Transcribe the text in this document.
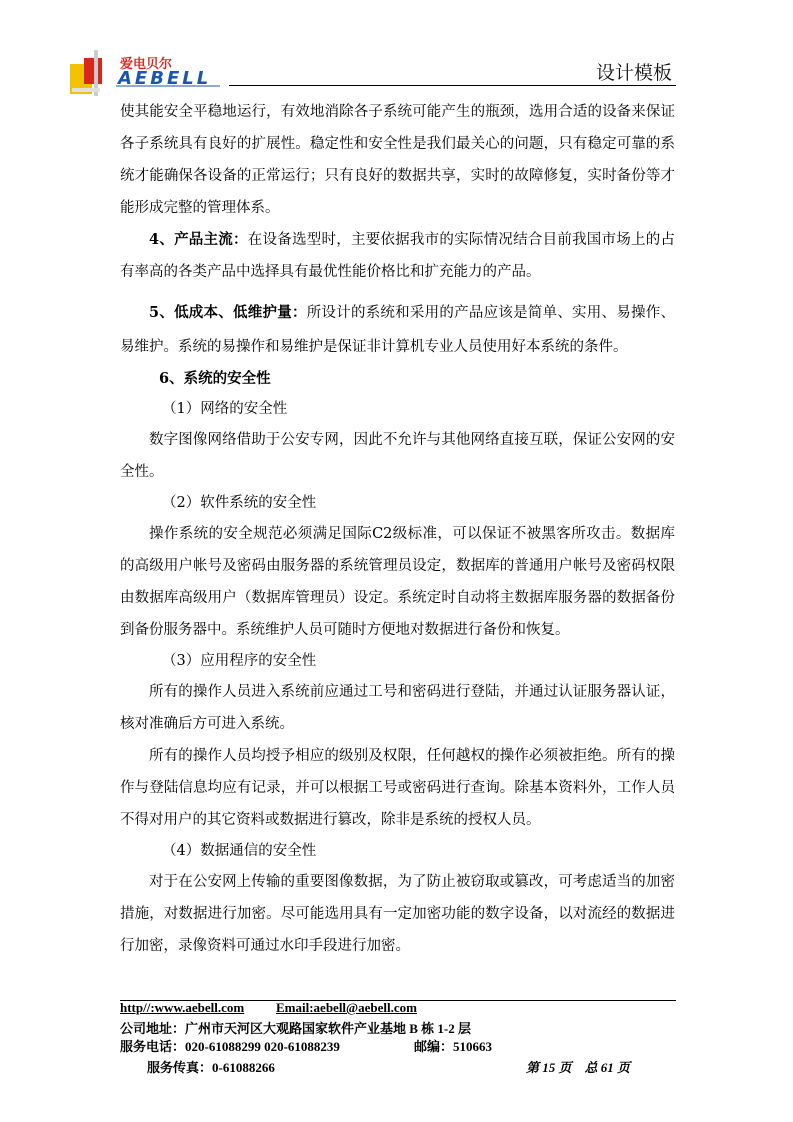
爱电贝尔
AEBELL	设计模板

使其能安全平稳地运行，有效地消除各子系统可能产生的瓶颈，选用合适的设备来保证各子系统具有良好的扩展性。稳定性和安全性是我们最关心的问题，只有稳定可靠的系统才能确保各设备的正常运行；只有良好的数据共享，实时的故障修复，实时备份等才能形成完整的管理体系。

4、产品主流：在设备选型时，主要依据我市的实际情况结合目前我国市场上的占有率高的各类产品中选择具有最优性能价格比和扩充能力的产品。

5、低成本、低维护量：所设计的系统和采用的产品应该是简单、实用、易操作、易维护。系统的易操作和易维护是保证非计算机专业人员使用好本系统的条件。

6、系统的安全性

（1）网络的安全性

数字图像网络借助于公安专网，因此不允许与其他网络直接互联，保证公安网的安全性。

（2）软件系统的安全性

操作系统的安全规范必须满足国际C2级标准，可以保证不被黑客所攻击。数据库的高级用户帐号及密码由服务器的系统管理员设定，数据库的普通用户帐号及密码权限由数据库高级用户（数据库管理员）设定。系统定时自动将主数据库服务器的数据备份到备份服务器中。系统维护人员可随时方便地对数据进行备份和恢复。

（3）应用程序的安全性

所有的操作人员进入系统前应通过工号和密码进行登陆，并通过认证服务器认证，核对准确后方可进入系统。

所有的操作人员均授予相应的级别及权限，任何越权的操作必须被拒绝。所有的操作与登陆信息均应有记录，并可以根据工号或密码进行查询。除基本资料外，工作人员不得对用户的其它资料或数据进行篡改，除非是系统的授权人员。

（4）数据通信的安全性

对于在公安网上传输的重要图像数据，为了防止被窃取或篡改，可考虑适当的加密措施，对数据进行加密。尽可能选用具有一定加密功能的数字设备，以对流经的数据进行加密，录像资料可通过水印手段进行加密。

http//:www.aebell.com Email:aebell@aebell.com
公司地址：广州市天河区大观路国家软件产业基地 B 栋 1-2 层
服务电话：020-61088299 020-61088239	邮编：510663
服务传真：0-61088266	第 15 页　总 61 页
